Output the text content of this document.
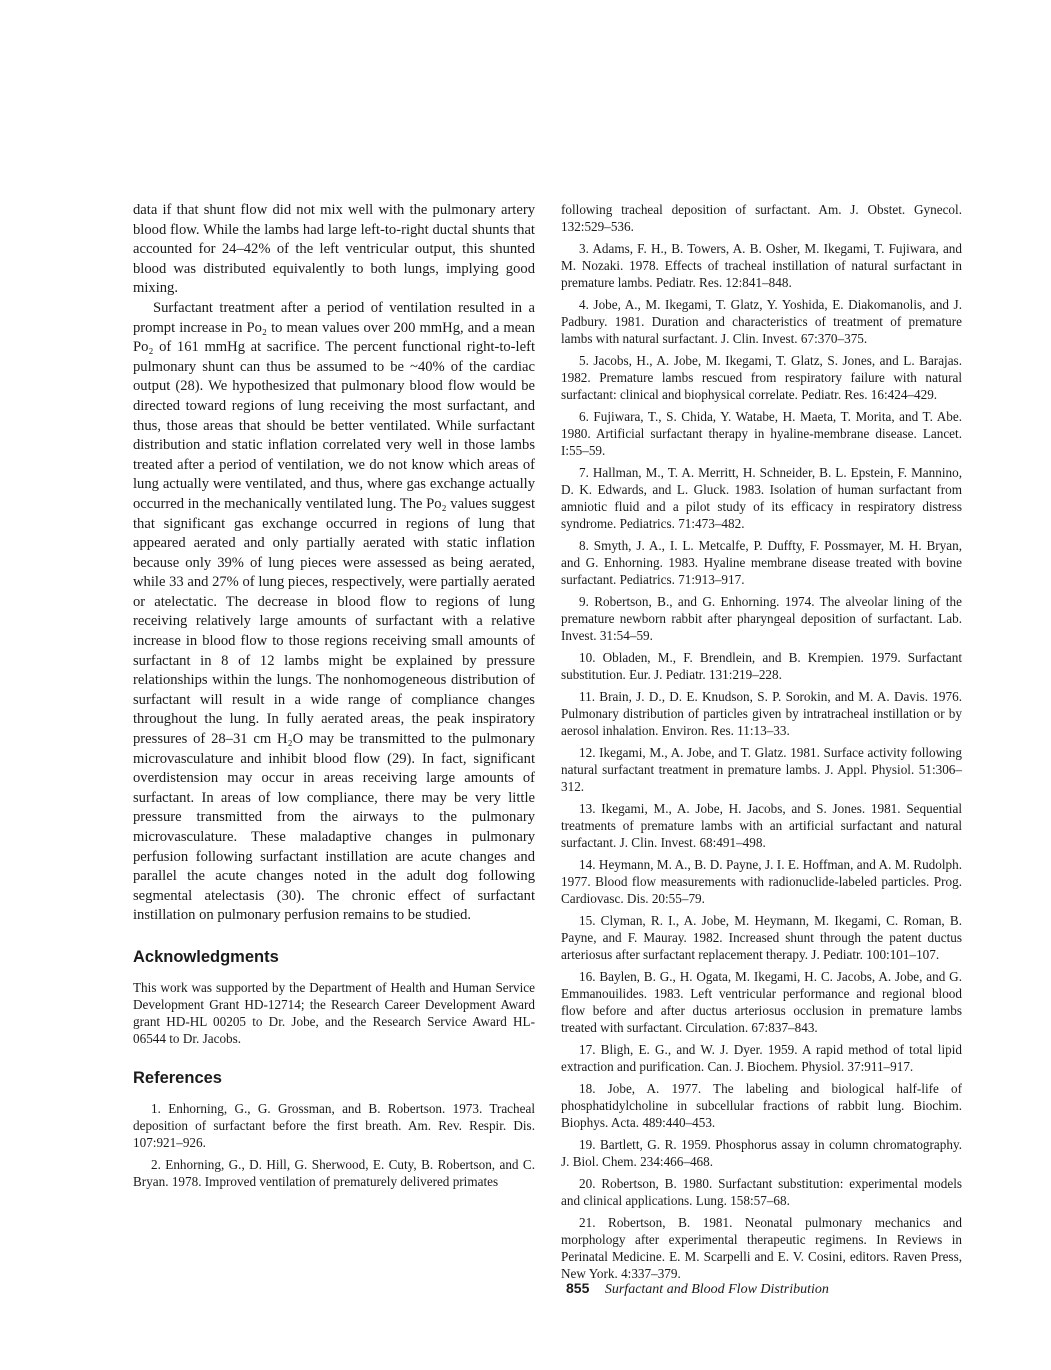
data if that shunt flow did not mix well with the pulmonary artery blood flow. While the lambs had large left-to-right ductal shunts that accounted for 24–42% of the left ventricular output, this shunted blood was distributed equivalently to both lungs, implying good mixing.

Surfactant treatment after a period of ventilation resulted in a prompt increase in Po₂ to mean values over 200 mmHg, and a mean Po₂ of 161 mmHg at sacrifice. The percent functional right-to-left pulmonary shunt can thus be assumed to be ~40% of the cardiac output (28). We hypothesized that pulmonary blood flow would be directed toward regions of lung receiving the most surfactant, and thus, those areas that should be better ventilated. While surfactant distribution and static inflation correlated very well in those lambs treated after a period of ventilation, we do not know which areas of lung actually were ventilated, and thus, where gas exchange actually occurred in the mechanically ventilated lung. The Po₂ values suggest that significant gas exchange occurred in regions of lung that appeared aerated and only partially aerated with static inflation because only 39% of lung pieces were assessed as being aerated, while 33 and 27% of lung pieces, respectively, were partially aerated or atelectatic. The decrease in blood flow to regions of lung receiving relatively large amounts of surfactant with a relative increase in blood flow to those regions receiving small amounts of surfactant in 8 of 12 lambs might be explained by pressure relationships within the lungs. The nonhomogeneous distribution of surfactant will result in a wide range of compliance changes throughout the lung. In fully aerated areas, the peak inspiratory pressures of 28–31 cm H₂O may be transmitted to the pulmonary microvasculature and inhibit blood flow (29). In fact, significant overdistension may occur in areas receiving large amounts of surfactant. In areas of low compliance, there may be very little pressure transmitted from the airways to the pulmonary microvasculature. These maladaptive changes in pulmonary perfusion following surfactant instillation are acute changes and parallel the acute changes noted in the adult dog following segmental atelectasis (30). The chronic effect of surfactant instillation on pulmonary perfusion remains to be studied.

Acknowledgments

This work was supported by the Department of Health and Human Service Development Grant HD-12714; the Research Career Development Award grant HD-HL 00205 to Dr. Jobe, and the Research Service Award HL-06544 to Dr. Jacobs.

References

1. Enhorning, G., G. Grossman, and B. Robertson. 1973. Tracheal deposition of surfactant before the first breath. Am. Rev. Respir. Dis. 107:921–926.

2. Enhorning, G., D. Hill, G. Sherwood, E. Cuty, B. Robertson, and C. Bryan. 1978. Improved ventilation of prematurely delivered primates

following tracheal deposition of surfactant. Am. J. Obstet. Gynecol. 132:529–536.

3. Adams, F. H., B. Towers, A. B. Osher, M. Ikegami, T. Fujiwara, and M. Nozaki. 1978. Effects of tracheal instillation of natural surfactant in premature lambs. Pediatr. Res. 12:841–848.

4. Jobe, A., M. Ikegami, T. Glatz, Y. Yoshida, E. Diakomanolis, and J. Padbury. 1981. Duration and characteristics of treatment of premature lambs with natural surfactant. J. Clin. Invest. 67:370–375.

5. Jacobs, H., A. Jobe, M. Ikegami, T. Glatz, S. Jones, and L. Barajas. 1982. Premature lambs rescued from respiratory failure with natural surfactant: clinical and biophysical correlate. Pediatr. Res. 16:424–429.

6. Fujiwara, T., S. Chida, Y. Watabe, H. Maeta, T. Morita, and T. Abe. 1980. Artificial surfactant therapy in hyaline-membrane disease. Lancet. I:55–59.

7. Hallman, M., T. A. Merritt, H. Schneider, B. L. Epstein, F. Mannino, D. K. Edwards, and L. Gluck. 1983. Isolation of human surfactant from amniotic fluid and a pilot study of its efficacy in respiratory distress syndrome. Pediatrics. 71:473–482.

8. Smyth, J. A., I. L. Metcalfe, P. Duffty, F. Possmayer, M. H. Bryan, and G. Enhorning. 1983. Hyaline membrane disease treated with bovine surfactant. Pediatrics. 71:913–917.

9. Robertson, B., and G. Enhorning. 1974. The alveolar lining of the premature newborn rabbit after pharyngeal deposition of surfactant. Lab. Invest. 31:54–59.

10. Obladen, M., F. Brendlein, and B. Krempien. 1979. Surfactant substitution. Eur. J. Pediatr. 131:219–228.

11. Brain, J. D., D. E. Knudson, S. P. Sorokin, and M. A. Davis. 1976. Pulmonary distribution of particles given by intratracheal instillation or by aerosol inhalation. Environ. Res. 11:13–33.

12. Ikegami, M., A. Jobe, and T. Glatz. 1981. Surface activity following natural surfactant treatment in premature lambs. J. Appl. Physiol. 51:306–312.

13. Ikegami, M., A. Jobe, H. Jacobs, and S. Jones. 1981. Sequential treatments of premature lambs with an artificial surfactant and natural surfactant. J. Clin. Invest. 68:491–498.

14. Heymann, M. A., B. D. Payne, J. I. E. Hoffman, and A. M. Rudolph. 1977. Blood flow measurements with radionuclide-labeled particles. Prog. Cardiovasc. Dis. 20:55–79.

15. Clyman, R. I., A. Jobe, M. Heymann, M. Ikegami, C. Roman, B. Payne, and F. Mauray. 1982. Increased shunt through the patent ductus arteriosus after surfactant replacement therapy. J. Pediatr. 100:101–107.

16. Baylen, B. G., H. Ogata, M. Ikegami, H. C. Jacobs, A. Jobe, and G. Emmanouilides. 1983. Left ventricular performance and regional blood flow before and after ductus arteriosus occlusion in premature lambs treated with surfactant. Circulation. 67:837–843.

17. Bligh, E. G., and W. J. Dyer. 1959. A rapid method of total lipid extraction and purification. Can. J. Biochem. Physiol. 37:911–917.

18. Jobe, A. 1977. The labeling and biological half-life of phosphatidylcholine in subcellular fractions of rabbit lung. Biochim. Biophys. Acta. 489:440–453.

19. Bartlett, G. R. 1959. Phosphorus assay in column chromatography. J. Biol. Chem. 234:466–468.

20. Robertson, B. 1980. Surfactant substitution: experimental models and clinical applications. Lung. 158:57–68.

21. Robertson, B. 1981. Neonatal pulmonary mechanics and morphology after experimental therapeutic regimens. In Reviews in Perinatal Medicine. E. M. Scarpelli and E. V. Cosini, editors. Raven Press, New York. 4:337–379.

855 Surfactant and Blood Flow Distribution
